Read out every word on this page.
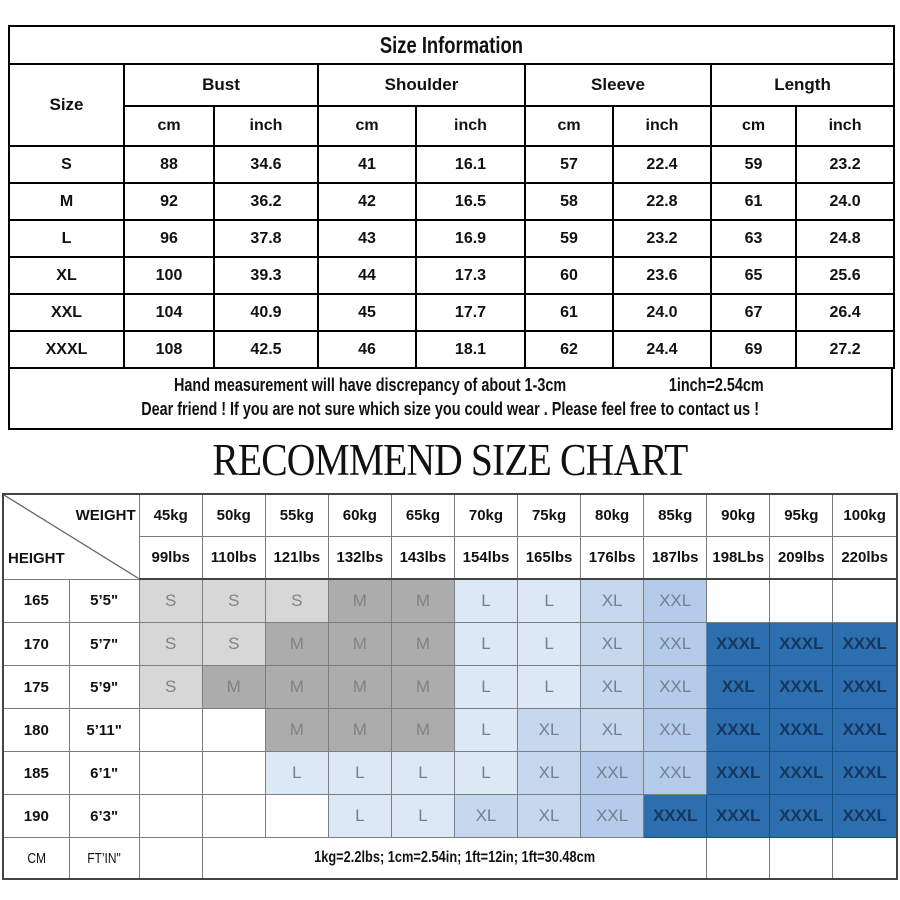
Size Information								
Size	Bust		Shoulder		Sleeve		Length	
	cm	inch	cm	inch	cm	inch	cm	inch
S	88	34.6	41	16.1	57	22.4	59	23.2
M	92	36.2	42	16.5	58	22.8	61	24.0
L	96	37.8	43	16.9	59	23.2	63	24.8
XL	100	39.3	44	17.3	60	23.6	65	25.6
XXL	104	40.9	45	17.7	61	24.0	67	26.4
XXXL	108	42.5	46	18.1	62	24.4	69	27.2
Hand measurement will have discrepancy of about 1-3cm	1inch=2.54cm
Dear friend ! If you are not sure which size you could wear . Please feel free to contact us !
RECOMMEND SIZE CHART
WEIGHT
HEIGHT		45kg	50kg	55kg	60kg	65kg	70kg	75kg	80kg	85kg	90kg	95kg	100kg
		99lbs	110lbs	121lbs	132lbs	143lbs	154lbs	165lbs	176lbs	187lbs	198Lbs	209lbs	220lbs
165	5’5"	S	S	S	M	M	L	L	XL	XXL			
170	5’7"	S	S	M	M	M	L	L	XL	XXL	XXXL	XXXL	XXXL
175	5’9"	S	M	M	M	M	L	L	XL	XXL	XXL	XXXL	XXXL
180	5’11"			M	M	M	L	XL	XL	XXL	XXXL	XXXL	XXXL
185	6’1"			L	L	L	L	XL	XXL	XXL	XXXL	XXXL	XXXL
190	6’3"				L	L	XL	XL	XXL	XXXL	XXXL	XXXL	XXXL
CM	FT’IN"		1kg=2.2lbs; 1cm=2.54in; 1ft=12in; 1ft=30.48cm										
